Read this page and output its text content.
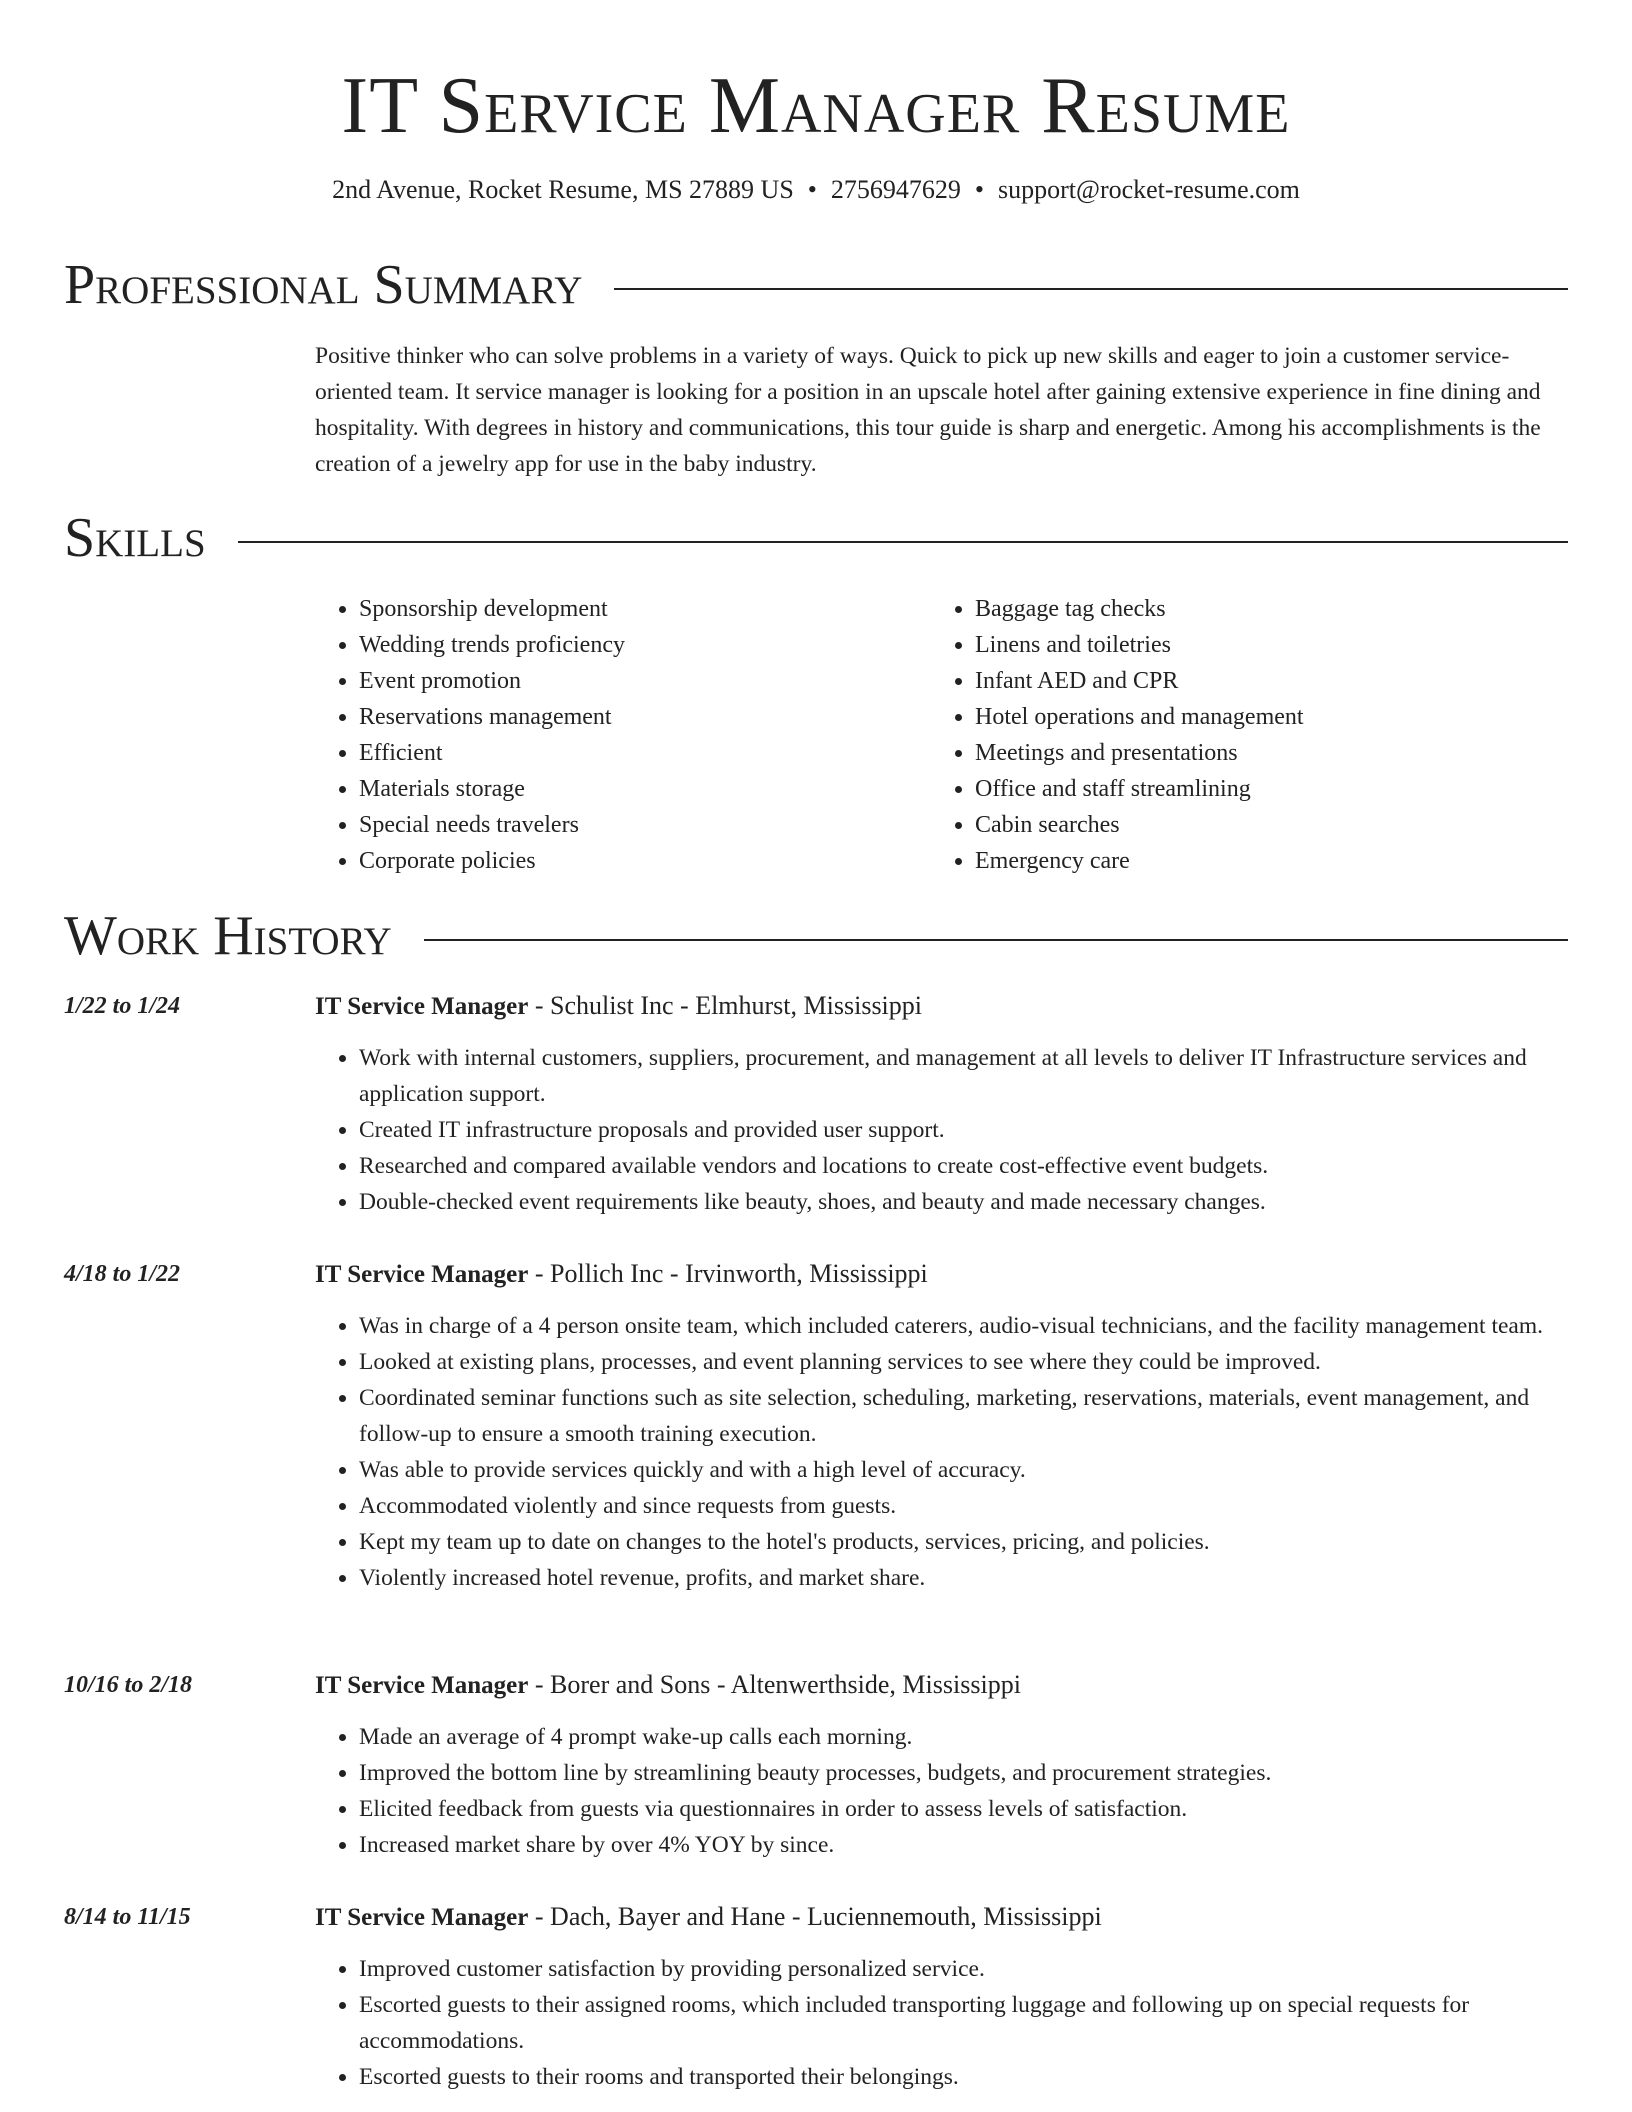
IT Service Manager Resume
2nd Avenue, Rocket Resume, MS 27889 US • 2756947629 • support@rocket-resume.com
Professional Summary
Positive thinker who can solve problems in a variety of ways. Quick to pick up new skills and eager to join a customer service-oriented team. It service manager is looking for a position in an upscale hotel after gaining extensive experience in fine dining and hospitality. With degrees in history and communications, this tour guide is sharp and energetic. Among his accomplishments is the creation of a jewelry app for use in the baby industry.
Skills
• Sponsorship development
• Wedding trends proficiency
• Event promotion
• Reservations management
• Efficient
• Materials storage
• Special needs travelers
• Corporate policies
• Baggage tag checks
• Linens and toiletries
• Infant AED and CPR
• Hotel operations and management
• Meetings and presentations
• Office and staff streamlining
• Cabin searches
• Emergency care
Work History
1/22 to 1/24	IT Service Manager - Schulist Inc - Elmhurst, Mississippi
• Work with internal customers, suppliers, procurement, and management at all levels to deliver IT Infrastructure services and application support.
• Created IT infrastructure proposals and provided user support.
• Researched and compared available vendors and locations to create cost-effective event budgets.
• Double-checked event requirements like beauty, shoes, and beauty and made necessary changes.
4/18 to 1/22	IT Service Manager - Pollich Inc - Irvinworth, Mississippi
• Was in charge of a 4 person onsite team, which included caterers, audio-visual technicians, and the facility management team.
• Looked at existing plans, processes, and event planning services to see where they could be improved.
• Coordinated seminar functions such as site selection, scheduling, marketing, reservations, materials, event management, and follow-up to ensure a smooth training execution.
• Was able to provide services quickly and with a high level of accuracy.
• Accommodated violently and since requests from guests.
• Kept my team up to date on changes to the hotel's products, services, pricing, and policies.
• Violently increased hotel revenue, profits, and market share.
10/16 to 2/18	IT Service Manager - Borer and Sons - Altenwerthside, Mississippi
• Made an average of 4 prompt wake-up calls each morning.
• Improved the bottom line by streamlining beauty processes, budgets, and procurement strategies.
• Elicited feedback from guests via questionnaires in order to assess levels of satisfaction.
• Increased market share by over 4% YOY by since.
8/14 to 11/15	IT Service Manager - Dach, Bayer and Hane - Luciennemouth, Mississippi
• Improved customer satisfaction by providing personalized service.
• Escorted guests to their assigned rooms, which included transporting luggage and following up on special requests for accommodations.
• Escorted guests to their rooms and transported their belongings.
